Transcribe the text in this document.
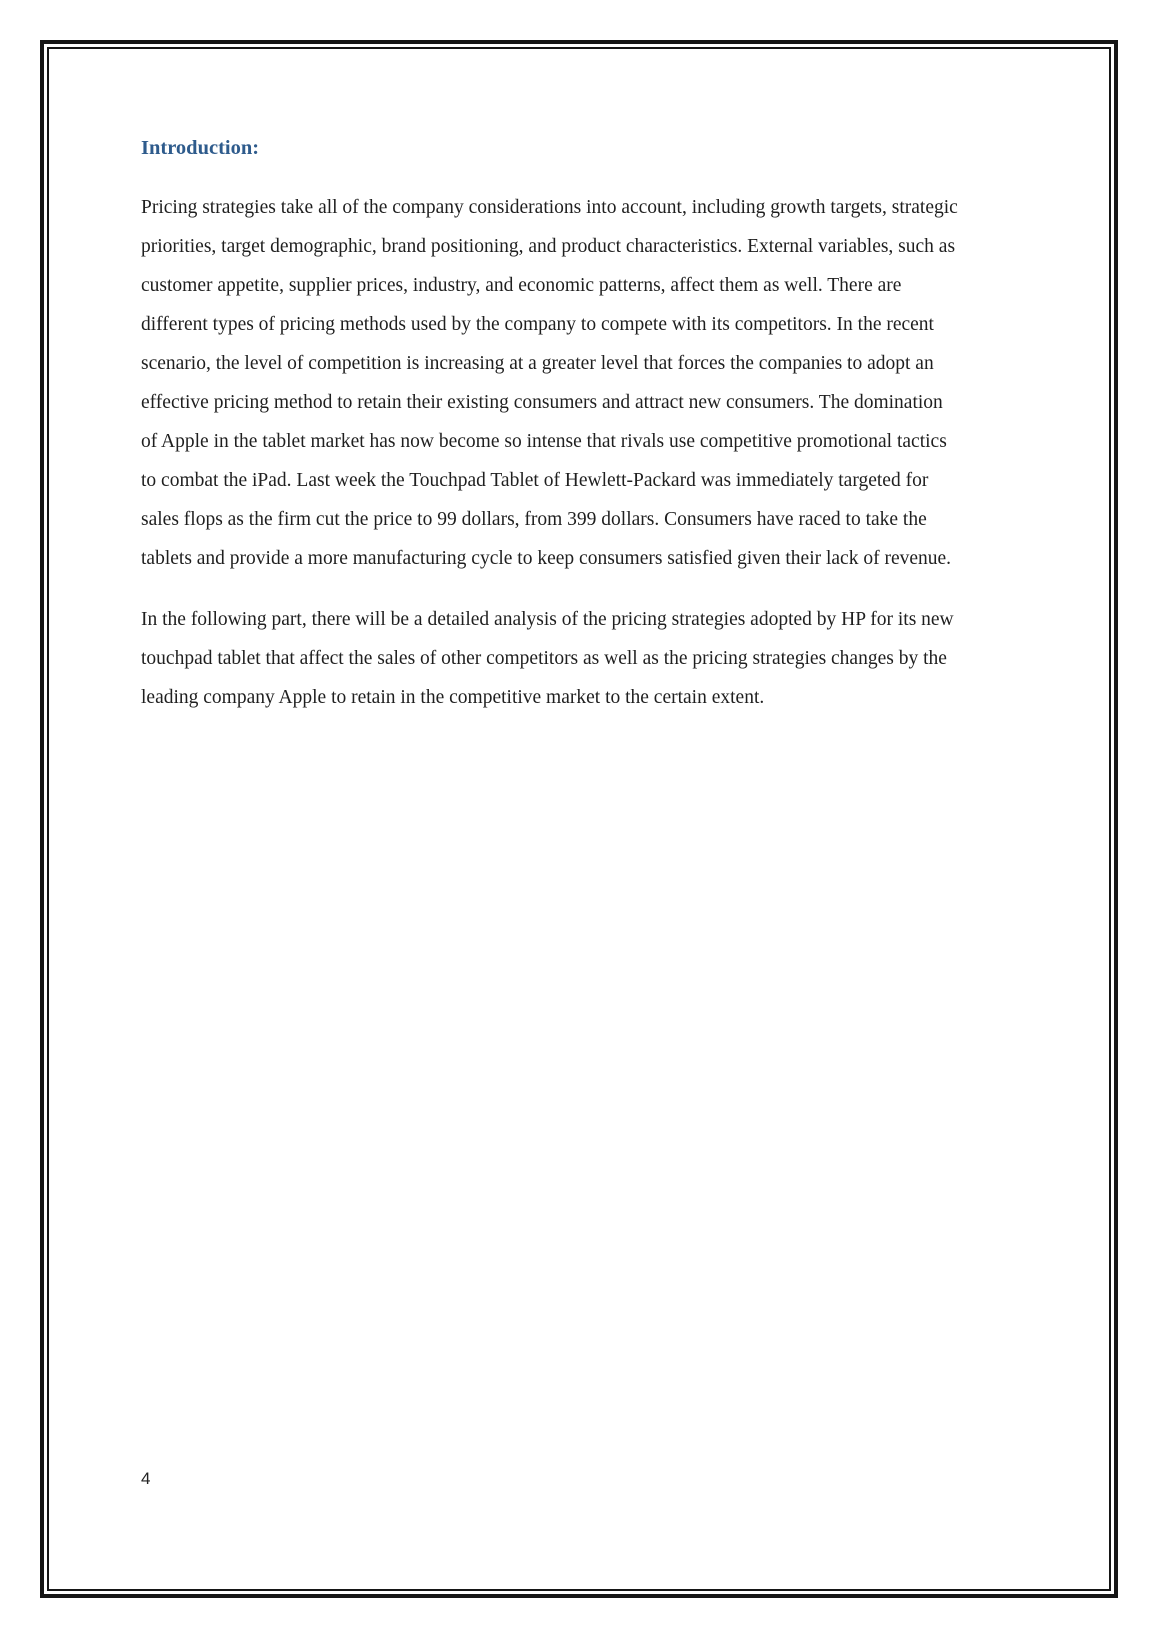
Introduction:

Pricing strategies take all of the company considerations into account, including growth targets, strategic priorities, target demographic, brand positioning, and product characteristics. External variables, such as customer appetite, supplier prices, industry, and economic patterns, affect them as well. There are different types of pricing methods used by the company to compete with its competitors. In the recent scenario, the level of competition is increasing at a greater level that forces the companies to adopt an effective pricing method to retain their existing consumers and attract new consumers. The domination of Apple in the tablet market has now become so intense that rivals use competitive promotional tactics to combat the iPad. Last week the Touchpad Tablet of Hewlett-Packard was immediately targeted for sales flops as the firm cut the price to 99 dollars, from 399 dollars. Consumers have raced to take the tablets and provide a more manufacturing cycle to keep consumers satisfied given their lack of revenue.

In the following part, there will be a detailed analysis of the pricing strategies adopted by HP for its new touchpad tablet that affect the sales of other competitors as well as the pricing strategies changes by the leading company Apple to retain in the competitive market to the certain extent.

4
